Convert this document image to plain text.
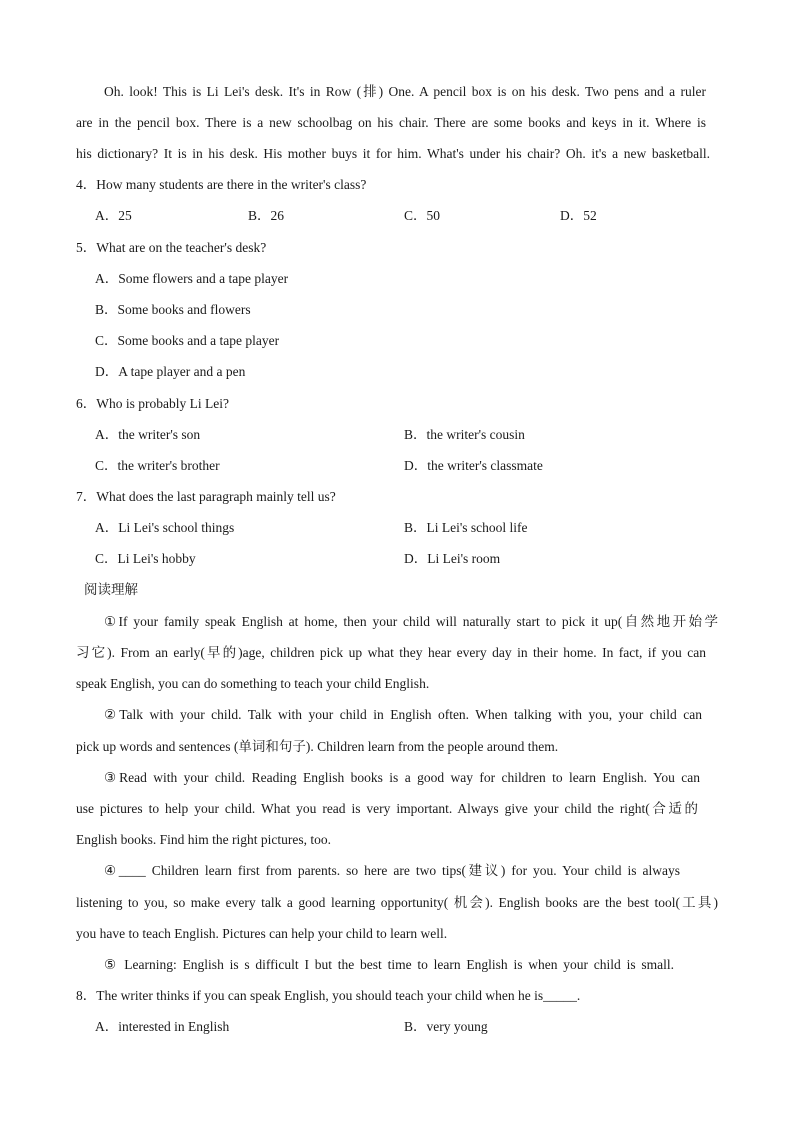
Oh. look! This is Li Lei's desk. It's in Row (排) One. A pencil box is on his desk. Two pens and a ruler
are in the pencil box. There is a new schoolbag on his chair. There are some books and keys in it. Where is
his dictionary? It is in his desk. His mother buys it for him. What's under his chair? Oh. it's a new basketball.
4．How many students are there in the writer's class?
A．25	B．26	C．50	D．52
5．What are on the teacher's desk?
A．Some flowers and a tape player
B．Some books and flowers
C．Some books and a tape player
D．A tape player and a pen
6．Who is probably Li Lei?
A．the writer's son	B．the writer's cousin
C．the writer's brother	D．the writer's classmate
7．What does the last paragraph mainly tell us?
A．Li Lei's school things	B．Li Lei's school life
C．Li Lei's hobby	D．Li Lei's room
阅读理解
①If your family speak English at home, then your child will naturally start to pick it up(自然地开始学
习它). From an early(早的)age, children pick up what they hear every day in their home. In fact, if you can
speak English, you can do something to teach your child English.
②Talk with your child. Talk with your child in English often. When talking with you, your child can
pick up words and sentences (单词和句子). Children learn from the people around them.
③Read with your child. Reading English books is a good way for children to learn English. You can
use pictures to help your child. What you read is very important. Always give your child the right(合适的
English books. Find him the right pictures, too.
④____ Children learn first from parents. so here are two tips(建议) for you. Your child is always
listening to you, so make every talk a good learning opportunity( 机会). English books are the best tool(工具)
you have to teach English. Pictures can help your child to learn well.
⑤ Learning: English is s difficult I but the best time to learn English is when your child is small.
8．The writer thinks if you can speak English, you should teach your child when he is_____.
A．interested in English	B．very young
